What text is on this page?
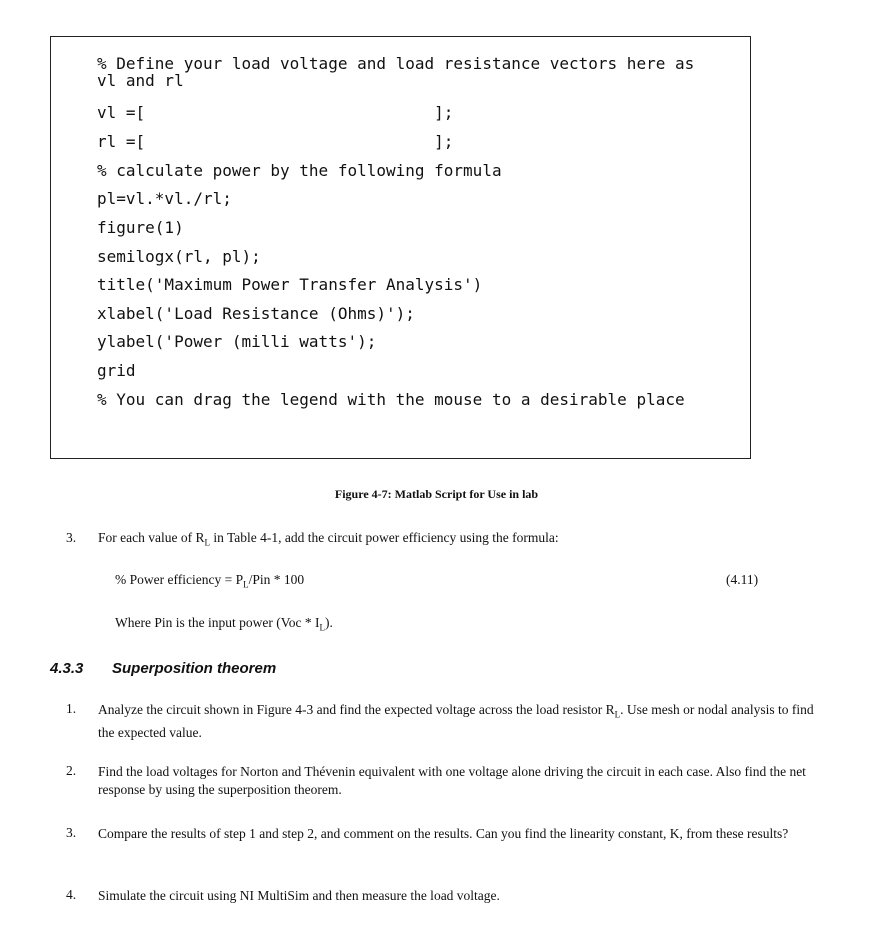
% Define your load voltage and load resistance vectors here as
vl and rl
vl =[                              ];
rl =[                              ];
% calculate power by the following formula
pl=vl.*vl./rl;
figure(1)
semilogx(rl, pl);
title('Maximum Power Transfer Analysis')
xlabel('Load Resistance (Ohms)');
ylabel('Power (milli watts');
grid
% You can drag the legend with the mouse to a desirable place
Figure 4-7: Matlab Script for Use in lab
3. For each value of $R_L$ in Table 4-1, add the circuit power efficiency using the formula:
% Power efficiency = $P_L$/Pin * 100	(4.11)
Where Pin is the input power $(Voc * I_L)$.
4.3.3 Superposition theorem
1. Analyze the circuit shown in Figure 4-3 and find the expected voltage across the load resistor $R_L$. Use mesh or nodal analysis to find the expected value.
2. Find the load voltages for Norton and Thévenin equivalent with one voltage alone driving the circuit in each case. Also find the net response by using the superposition theorem.
3. Compare the results of step 1 and step 2, and comment on the results. Can you find the linearity constant, K, from these results?
4. Simulate the circuit using NI MultiSim and then measure the load voltage.
